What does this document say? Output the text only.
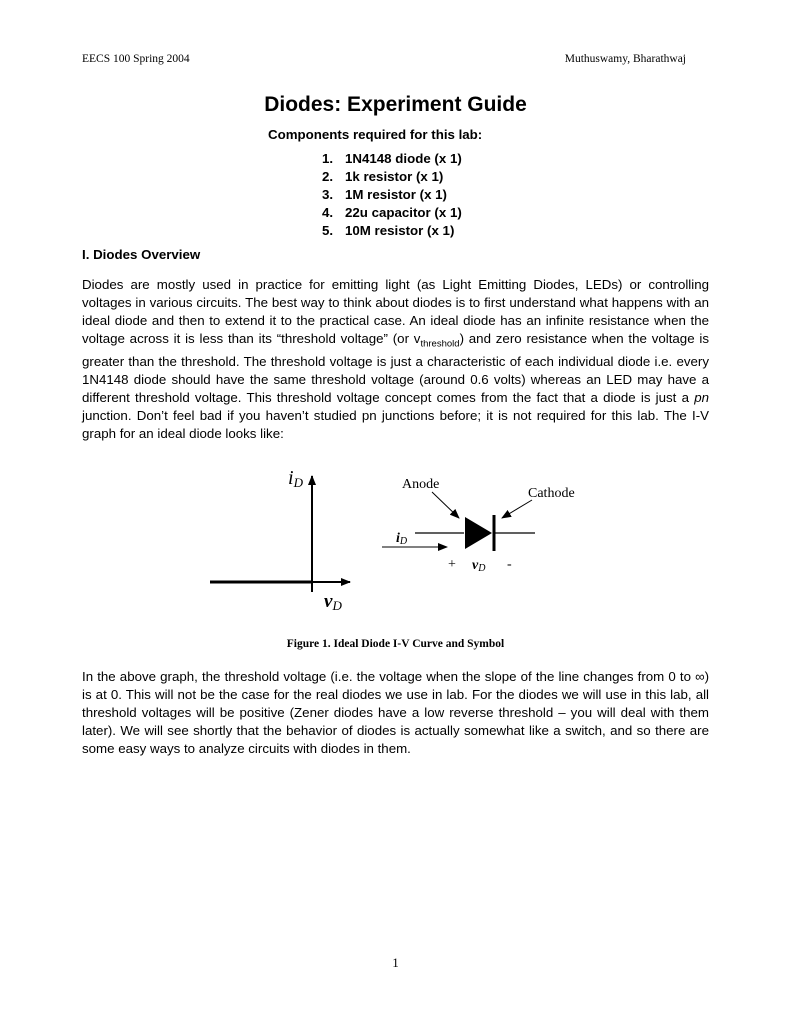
EECS 100 Spring 2004	Muthuswamy, Bharathwaj
Diodes: Experiment Guide
Components required for this lab:
1. 1N4148 diode (x 1)
2. 1k resistor (x 1)
3. 1M resistor (x 1)
4. 22u capacitor (x 1)
5. 10M resistor (x 1)
I. Diodes Overview
Diodes are mostly used in practice for emitting light (as Light Emitting Diodes, LEDs) or controlling voltages in various circuits. The best way to think about diodes is to first understand what happens with an ideal diode and then to extend it to the practical case. An ideal diode has an infinite resistance when the voltage across it is less than its “threshold voltage” (or $v_{threshold}$) and zero resistance when the voltage is greater than the threshold. The threshold voltage is just a characteristic of each individual diode i.e. every 1N4148 diode should have the same threshold voltage (around 0.6 volts) whereas an LED may have a different threshold voltage. This threshold voltage concept comes from the fact that a diode is just a pn junction. Don’t feel bad if you haven’t studied pn junctions before; it is not required for this lab. The I-V graph for an ideal diode looks like:
iD
vD
Anode
Cathode
iD
+ vD -
Figure 1. Ideal Diode I-V Curve and Symbol
In the above graph, the threshold voltage (i.e. the voltage when the slope of the line changes from 0 to ∞) is at 0. This will not be the case for the real diodes we use in lab. For the diodes we will use in this lab, all threshold voltages will be positive (Zener diodes have a low reverse threshold – you will deal with them later). We will see shortly that the behavior of diodes is actually somewhat like a switch, and so there are some easy ways to analyze circuits with diodes in them.
1
